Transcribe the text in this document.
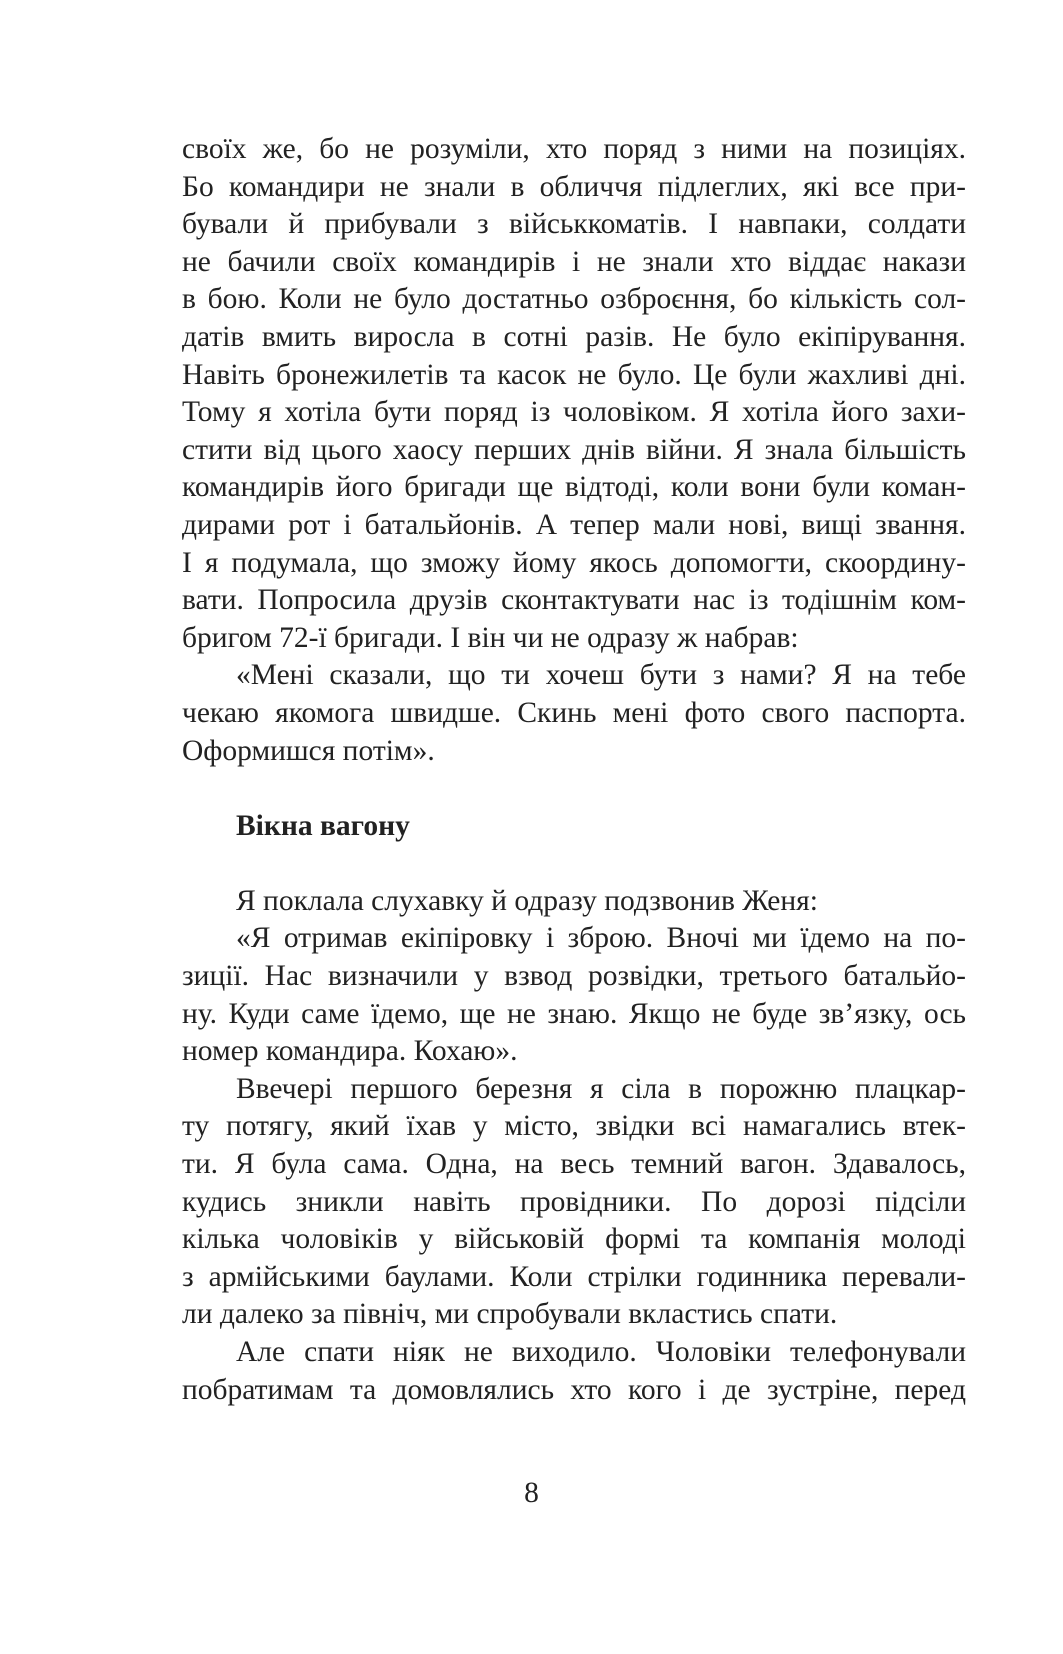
своїх же, бо не розуміли, хто поряд з ними на позиціях.
Бо командири не знали в обличчя підлеглих, які все при-
бували й прибували з військкоматів. І навпаки, солдати
не бачили своїх командирів і не знали хто віддає накази
в бою. Коли не було достатньо озброєння, бо кількість сол-
датів вмить виросла в сотні разів. Не було екіпірування.
Навіть бронежилетів та касок не було. Це були жахливі дні.
Тому я хотіла бути поряд із чоловіком. Я хотіла його захи-
стити від цього хаосу перших днів війни. Я знала більшість
командирів його бригади ще відтоді, коли вони були коман-
дирами рот і батальйонів. А тепер мали нові, вищі звання.
І я подумала, що зможу йому якось допомогти, скоордину-
вати. Попросила друзів сконтактувати нас із тодішнім ком-
бригом 72-ї бригади. І він чи не одразу ж набрав:
«Мені сказали, що ти хочеш бути з нами? Я на тебе
чекаю якомога швидше. Скинь мені фото свого паспорта.
Оформишся потім».
Вікна вагону
Я поклала слухавку й одразу подзвонив Женя:
«Я отримав екіпіровку і зброю. Вночі ми їдемо на по-
зиції. Нас визначили у взвод розвідки, третього батальйо-
ну. Куди саме їдемо, ще не знаю. Якщо не буде зв’язку, ось
номер командира. Кохаю».
Ввечері першого березня я сіла в порожню плацкар-
ту потягу, який їхав у місто, звідки всі намагались втек-
ти. Я була сама. Одна, на весь темний вагон. Здавалось,
кудись зникли навіть провідники. По дорозі підсіли
кілька чоловіків у військовій формі та компанія молоді
з армійськими баулами. Коли стрілки годинника перевали-
ли далеко за північ, ми спробували вкластись спати.
Але спати ніяк не виходило. Чоловіки телефонували
побратимам та домовлялись хто кого і де зустріне, перед
8
